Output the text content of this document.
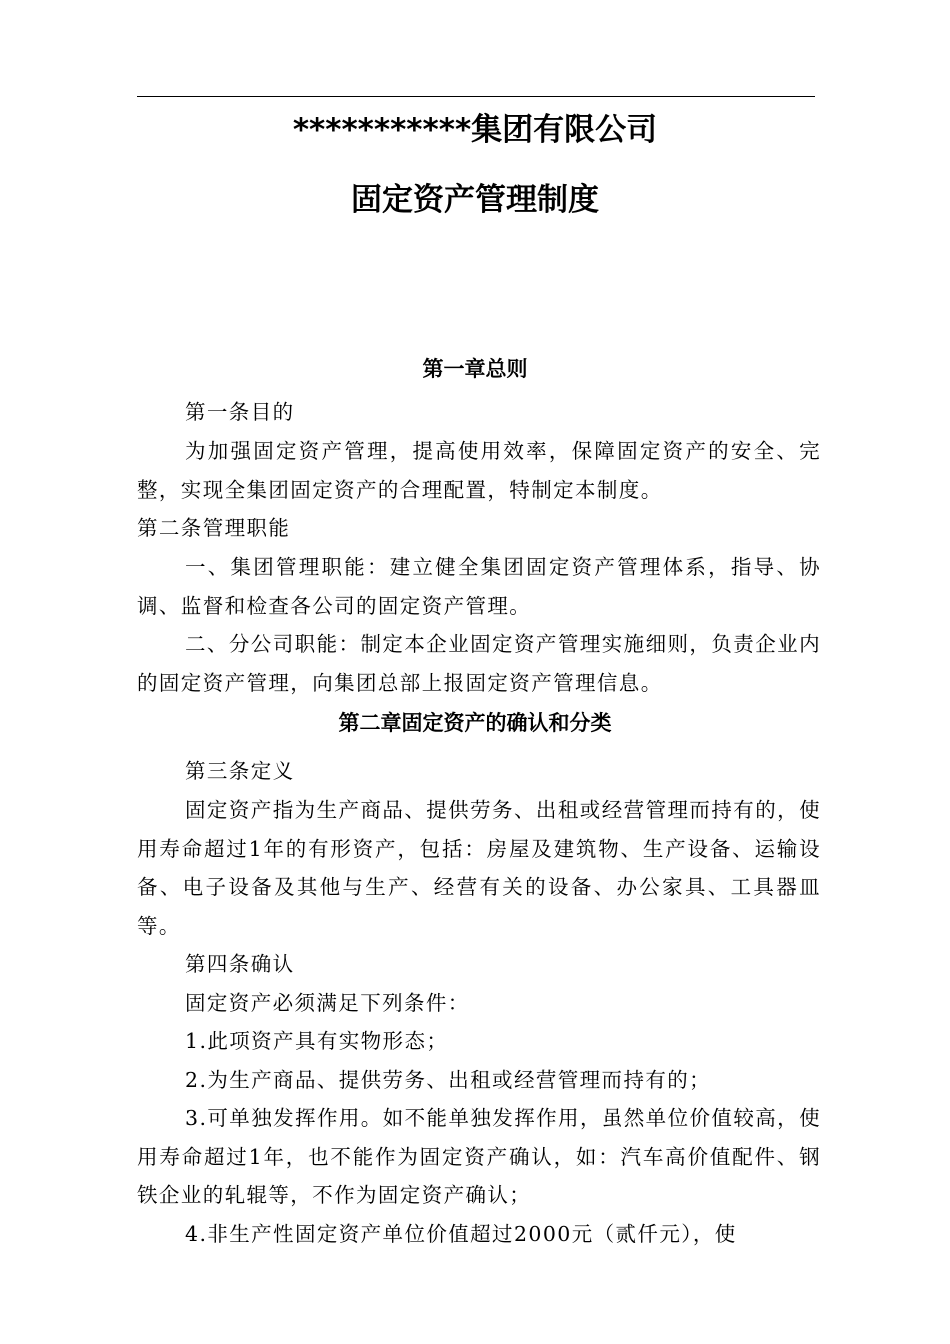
***********集团有限公司
固定资产管理制度
第一章总则
第一条目的
为加强固定资产管理，提高使用效率，保障固定资产的安全、完整，实现全集团固定资产的合理配置，特制定本制度。
第二条管理职能
一、集团管理职能：建立健全集团固定资产管理体系，指导、协调、监督和检查各公司的固定资产管理。
二、分公司职能：制定本企业固定资产管理实施细则，负责企业内的固定资产管理，向集团总部上报固定资产管理信息。
第二章固定资产的确认和分类
第三条定义
固定资产指为生产商品、提供劳务、出租或经营管理而持有的，使用寿命超过1年的有形资产，包括：房屋及建筑物、生产设备、运输设备、电子设备及其他与生产、经营有关的设备、办公家具、工具器皿等。
第四条确认
固定资产必须满足下列条件：
1.此项资产具有实物形态；
2.为生产商品、提供劳务、出租或经营管理而持有的；
3.可单独发挥作用。如不能单独发挥作用，虽然单位价值较高，使用寿命超过1年，也不能作为固定资产确认，如：汽车高价值配件、钢铁企业的轧辊等，不作为固定资产确认；
4.非生产性固定资产单位价值超过2000元（贰仟元），使
